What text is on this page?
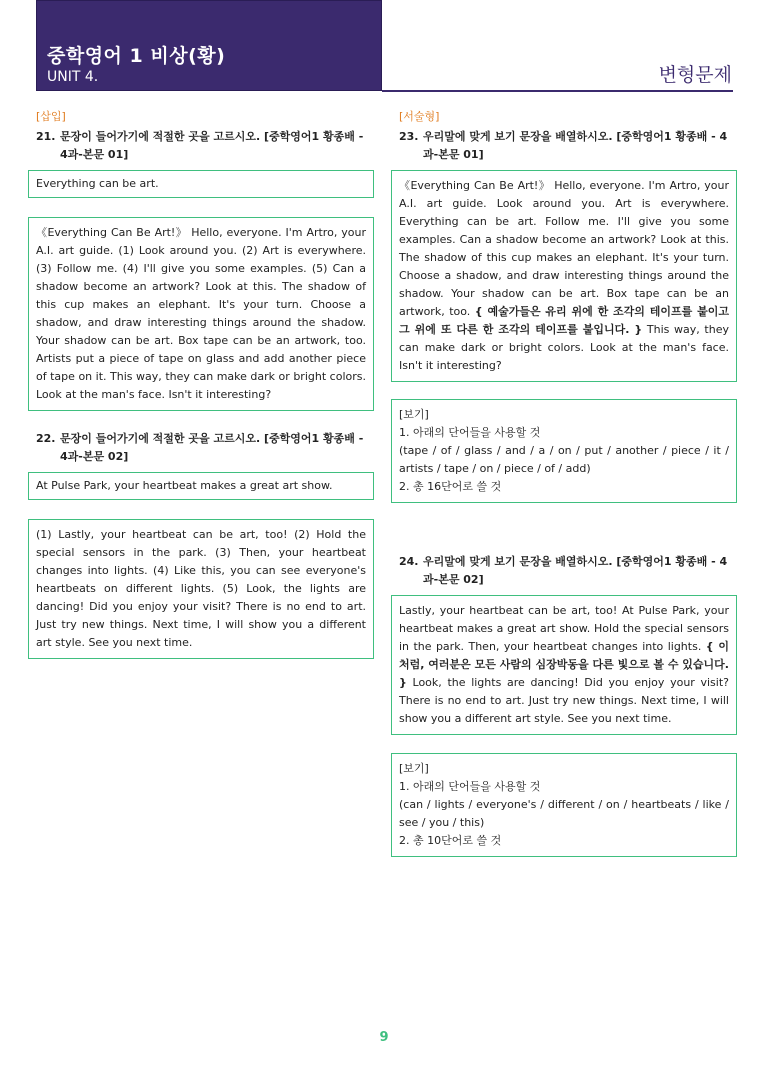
중학영어 1 비상(황)
UNIT 4.	변형문제
[삽입]
21. 문장이 들어가기에 적절한 곳을 고르시오. [중학영어1 황종배 - 4과-본문 01]
Everything can be art.
《Everything Can Be Art!》 Hello, everyone. I'm Artro, your A.I. art guide. (1) Look around you. (2) Art is everywhere. (3) Follow me. (4) I'll give you some examples. (5) Can a shadow become an artwork? Look at this. The shadow of this cup makes an elephant. It's your turn. Choose a shadow, and draw interesting things around the shadow. Your shadow can be art. Box tape can be an artwork, too. Artists put a piece of tape on glass and add another piece of tape on it. This way, they can make dark or bright colors. Look at the man's face. Isn't it interesting?
22. 문장이 들어가기에 적절한 곳을 고르시오. [중학영어1 황종배 - 4과-본문 02]
At Pulse Park, your heartbeat makes a great art show.
(1) Lastly, your heartbeat can be art, too! (2) Hold the special sensors in the park. (3) Then, your heartbeat changes into lights. (4) Like this, you can see everyone's heartbeats on different lights. (5) Look, the lights are dancing! Did you enjoy your visit? There is no end to art. Just try new things. Next time, I will show you a different art style. See you next time.
[서술형]
23. 우리말에 맞게 보기 문장을 배열하시오. [중학영어1 황종배 - 4과-본문 01]
《Everything Can Be Art!》 Hello, everyone. I'm Artro, your A.I. art guide. Look around you. Art is everywhere. Everything can be art. Follow me. I'll give you some examples. Can a shadow become an artwork? Look at this. The shadow of this cup makes an elephant. It's your turn. Choose a shadow, and draw interesting things around the shadow. Your shadow can be art. Box tape can be an artwork, too. { 예술가들은 유리 위에 한 조각의 테이프를 붙이고 그 위에 또 다른 한 조각의 테이프를 붙입니다. } This way, they can make dark or bright colors. Look at the man's face. Isn't it interesting?
[보기]
1. 아래의 단어들을 사용할 것
(tape / of / glass / and / a / on / put / another / piece / it / artists / tape / on / piece / of / add)
2. 총 16단어로 쓸 것
24. 우리말에 맞게 보기 문장을 배열하시오. [중학영어1 황종배 - 4과-본문 02]
Lastly, your heartbeat can be art, too! At Pulse Park, your heartbeat makes a great art show. Hold the special sensors in the park. Then, your heartbeat changes into lights. { 이처럼, 여러분은 모든 사람의 심장박동을 다른 빛으로 볼 수 있습니다. } Look, the lights are dancing! Did you enjoy your visit? There is no end to art. Just try new things. Next time, I will show you a different art style. See you next time.
[보기]
1. 아래의 단어들을 사용할 것
(can / lights / everyone's / different / on / heartbeats / like / see / you / this)
2. 총 10단어로 쓸 것
9
